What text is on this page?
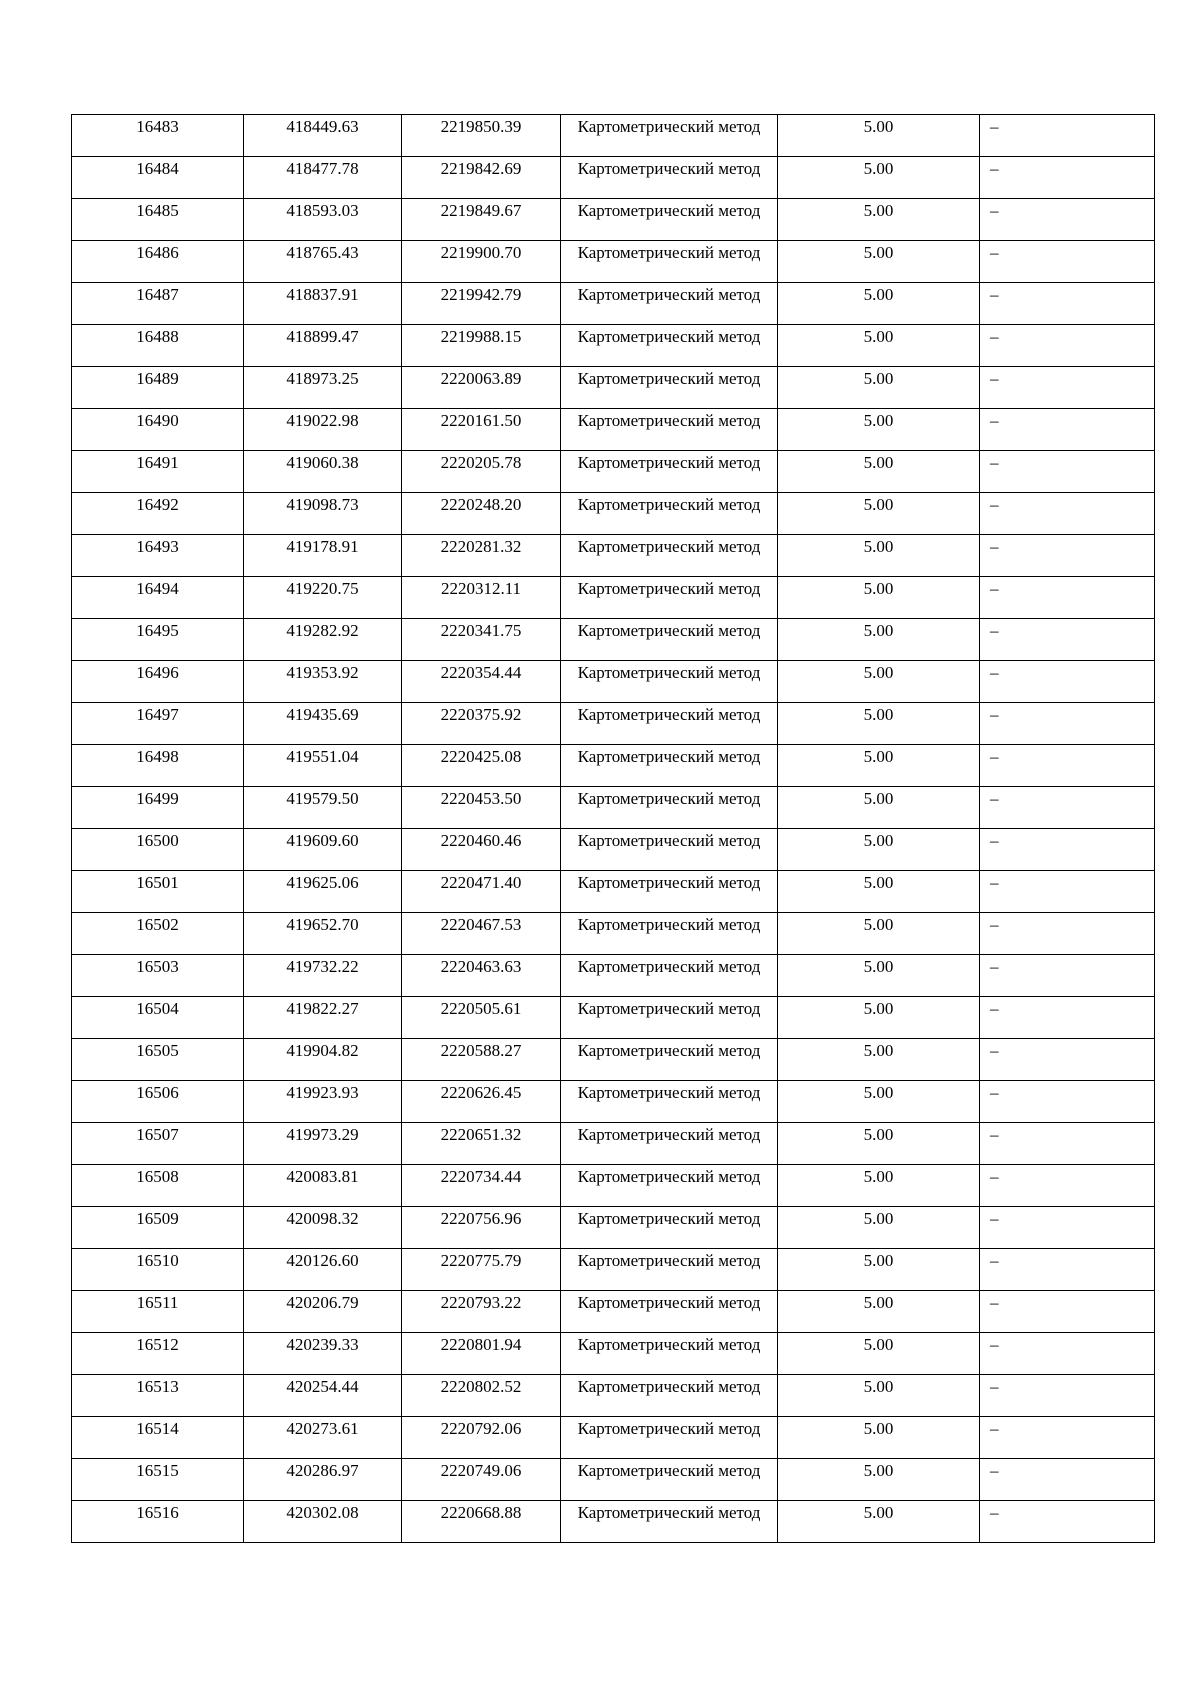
16483	418449.63	2219850.39	Картометрический метод	5.00	–

16484	418477.78	2219842.69	Картометрический метод	5.00	–

16485	418593.03	2219849.67	Картометрический метод	5.00	–

16486	418765.43	2219900.70	Картометрический метод	5.00	–

16487	418837.91	2219942.79	Картометрический метод	5.00	–

16488	418899.47	2219988.15	Картометрический метод	5.00	–

16489	418973.25	2220063.89	Картометрический метод	5.00	–

16490	419022.98	2220161.50	Картометрический метод	5.00	–

16491	419060.38	2220205.78	Картометрический метод	5.00	–

16492	419098.73	2220248.20	Картометрический метод	5.00	–

16493	419178.91	2220281.32	Картометрический метод	5.00	–

16494	419220.75	2220312.11	Картометрический метод	5.00	–

16495	419282.92	2220341.75	Картометрический метод	5.00	–

16496	419353.92	2220354.44	Картометрический метод	5.00	–

16497	419435.69	2220375.92	Картометрический метод	5.00	–

16498	419551.04	2220425.08	Картометрический метод	5.00	–

16499	419579.50	2220453.50	Картометрический метод	5.00	–

16500	419609.60	2220460.46	Картометрический метод	5.00	–

16501	419625.06	2220471.40	Картометрический метод	5.00	–

16502	419652.70	2220467.53	Картометрический метод	5.00	–

16503	419732.22	2220463.63	Картометрический метод	5.00	–

16504	419822.27	2220505.61	Картометрический метод	5.00	–

16505	419904.82	2220588.27	Картометрический метод	5.00	–

16506	419923.93	2220626.45	Картометрический метод	5.00	–

16507	419973.29	2220651.32	Картометрический метод	5.00	–

16508	420083.81	2220734.44	Картометрический метод	5.00	–

16509	420098.32	2220756.96	Картометрический метод	5.00	–

16510	420126.60	2220775.79	Картометрический метод	5.00	–

16511	420206.79	2220793.22	Картометрический метод	5.00	–

16512	420239.33	2220801.94	Картометрический метод	5.00	–

16513	420254.44	2220802.52	Картометрический метод	5.00	–

16514	420273.61	2220792.06	Картометрический метод	5.00	–

16515	420286.97	2220749.06	Картометрический метод	5.00	–

16516	420302.08	2220668.88	Картометрический метод	5.00	–
